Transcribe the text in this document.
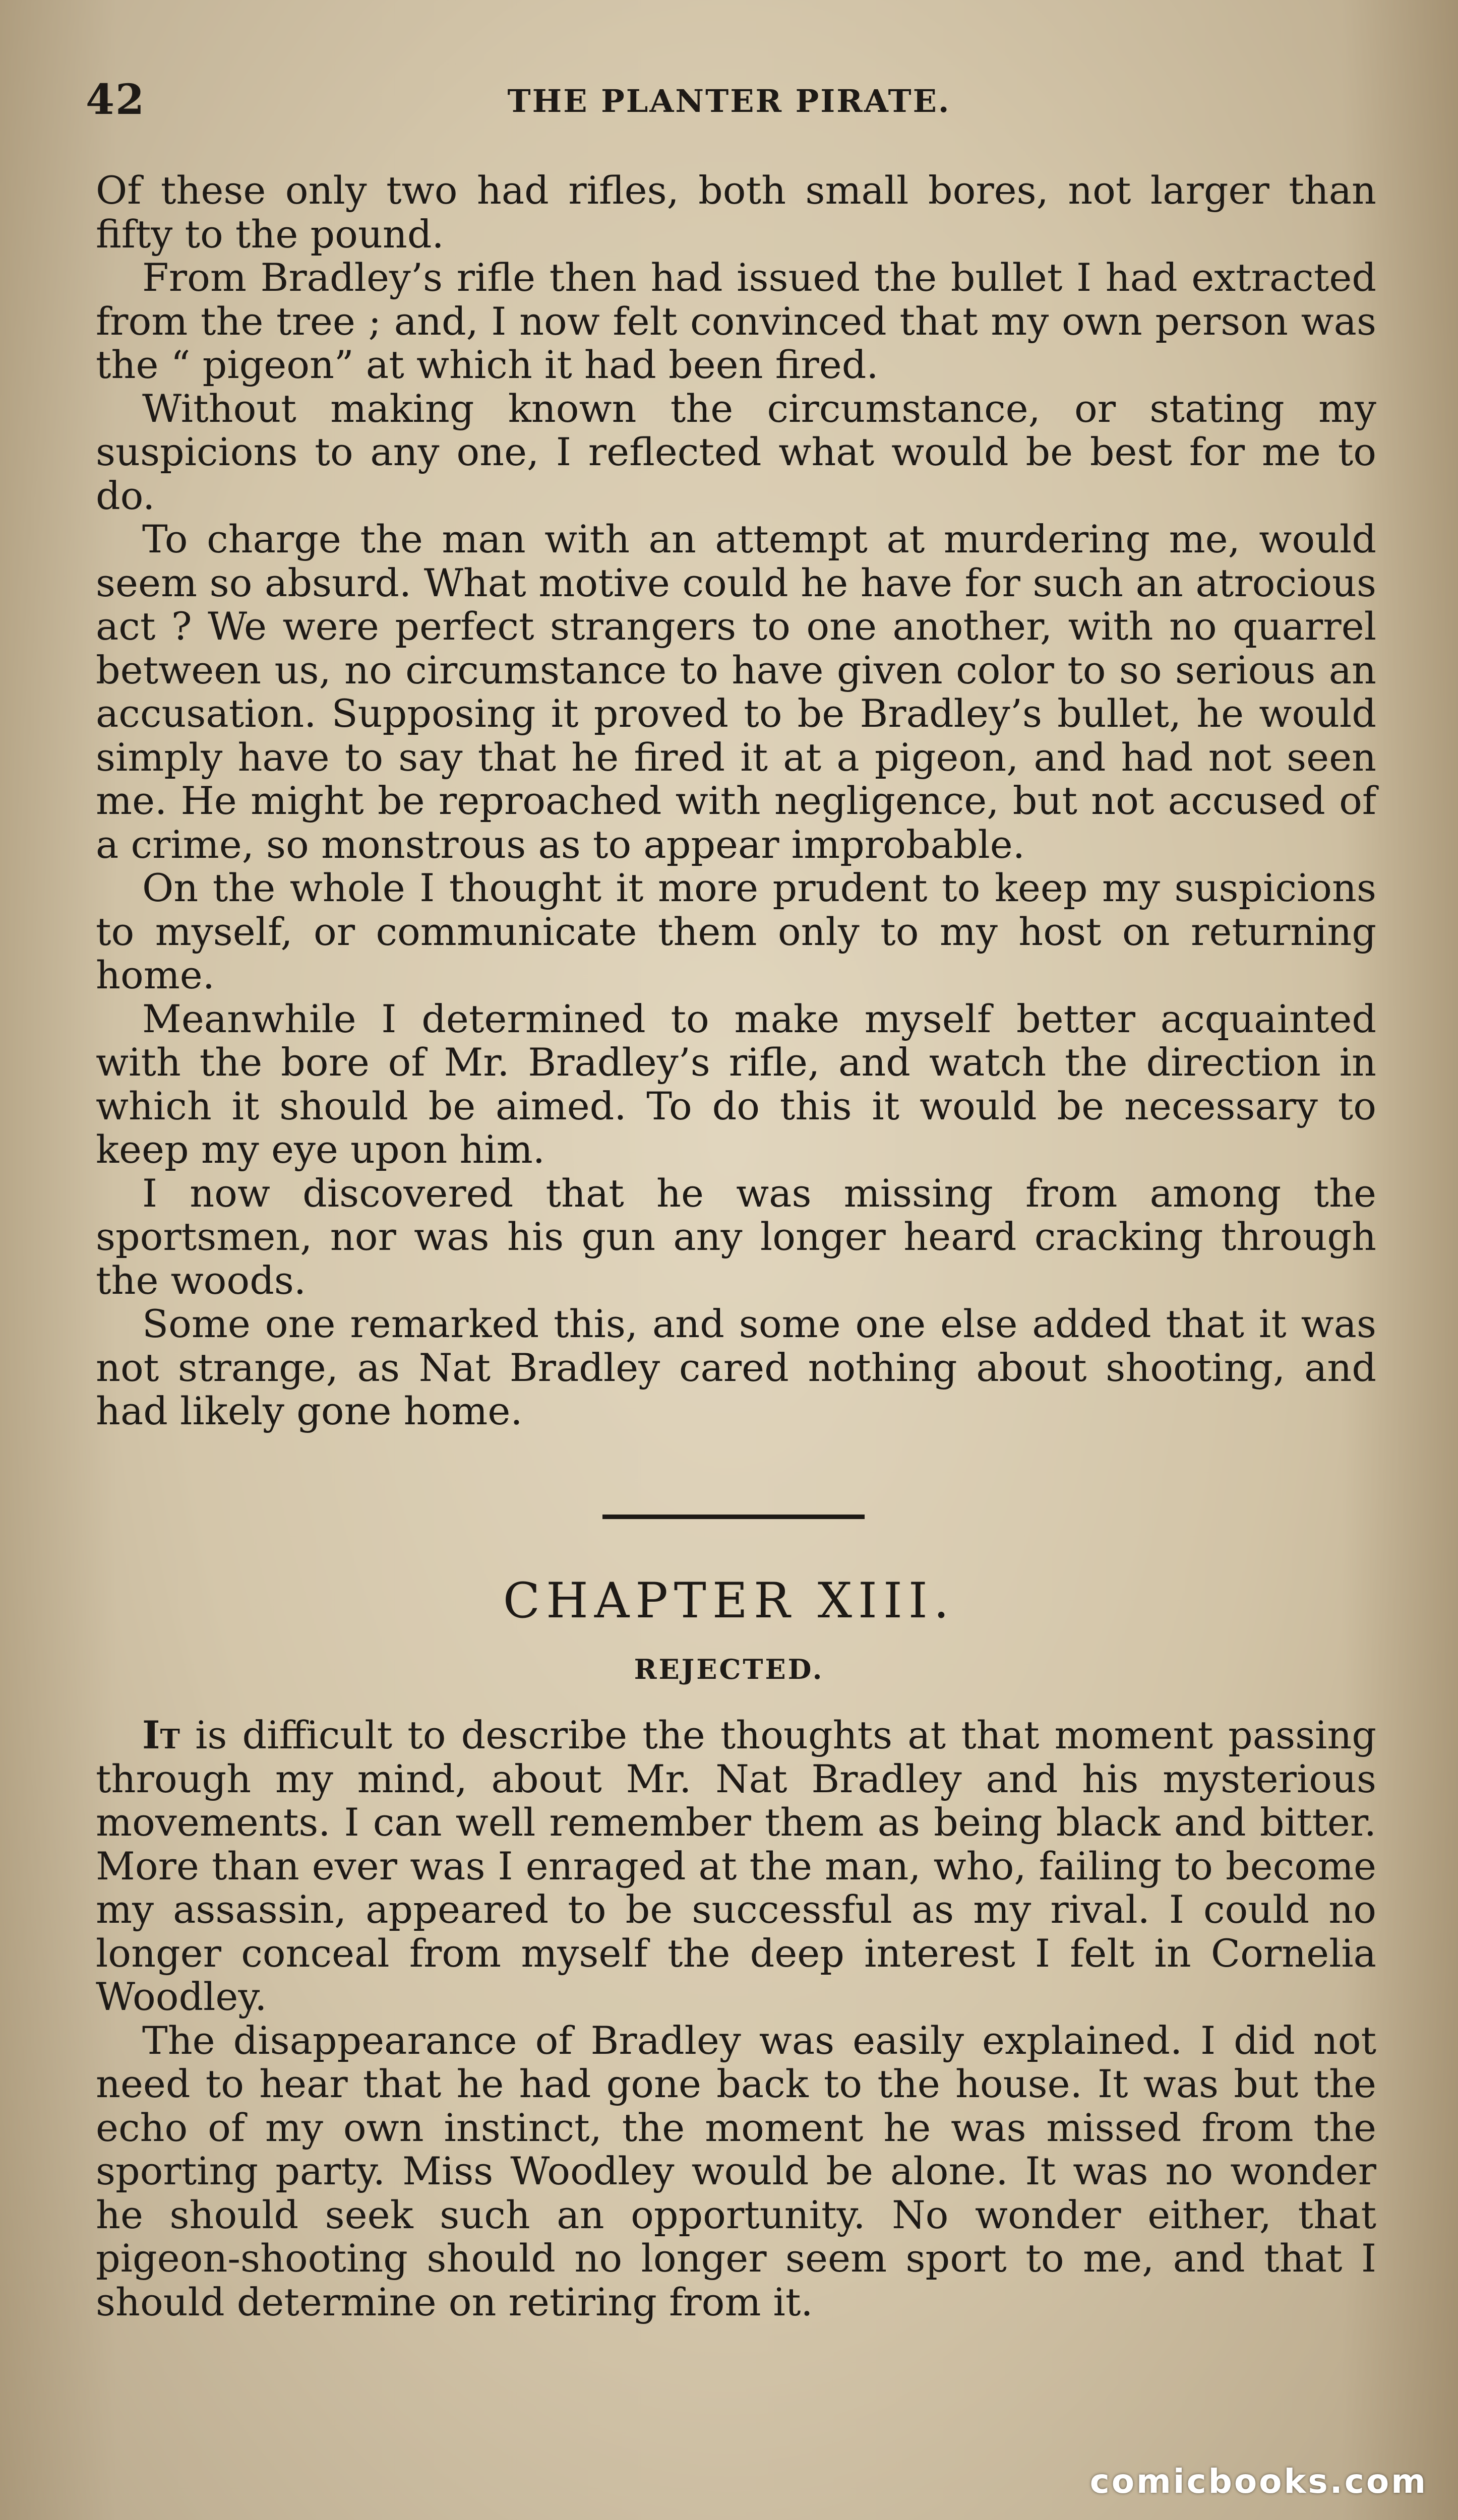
42	THE PLANTER PIRATE.

Of these only two had rifles, both small bores, not larger than fifty to the pound.

From Bradley’s rifle then had issued the bullet I had extracted from the tree ; and, I now felt convinced that my own person was the “ pigeon” at which it had been fired.

Without making known the circumstance, or stating my suspicions to any one, I reflected what would be best for me to do.

To charge the man with an attempt at murdering me, would seem so absurd. What motive could he have for such an atrocious act ? We were perfect strangers to one another, with no quarrel between us, no circumstance to have given color to so serious an accusation. Supposing it proved to be Bradley’s bullet, he would simply have to say that he fired it at a pigeon, and had not seen me. He might be reproached with negligence, but not accused of a crime, so monstrous as to appear improbable.

On the whole I thought it more prudent to keep my suspicions to myself, or communicate them only to my host on returning home.

Meanwhile I determined to make myself better acquainted with the bore of Mr. Bradley’s rifle, and watch the direction in which it should be aimed. To do this it would be necessary to keep my eye upon him.

I now discovered that he was missing from among the sportsmen, nor was his gun any longer heard cracking through the woods.

Some one remarked this, and some one else added that it was not strange, as Nat Bradley cared nothing about shooting, and had likely gone home.

CHAPTER XIII.
REJECTED.

It is difficult to describe the thoughts at that moment passing through my mind, about Mr. Nat Bradley and his mysterious movements. I can well remember them as being black and bitter. More than ever was I enraged at the man, who, failing to become my assassin, appeared to be successful as my rival. I could no longer conceal from myself the deep interest I felt in Cornelia Woodley.

The disappearance of Bradley was easily explained. I did not need to hear that he had gone back to the house. It was but the echo of my own instinct, the moment he was missed from the sporting party. Miss Woodley would be alone. It was no wonder he should seek such an opportunity. No wonder either, that pigeon-shooting should no longer seem sport to me, and that I should determine on retiring from it.

comicbooks.com
